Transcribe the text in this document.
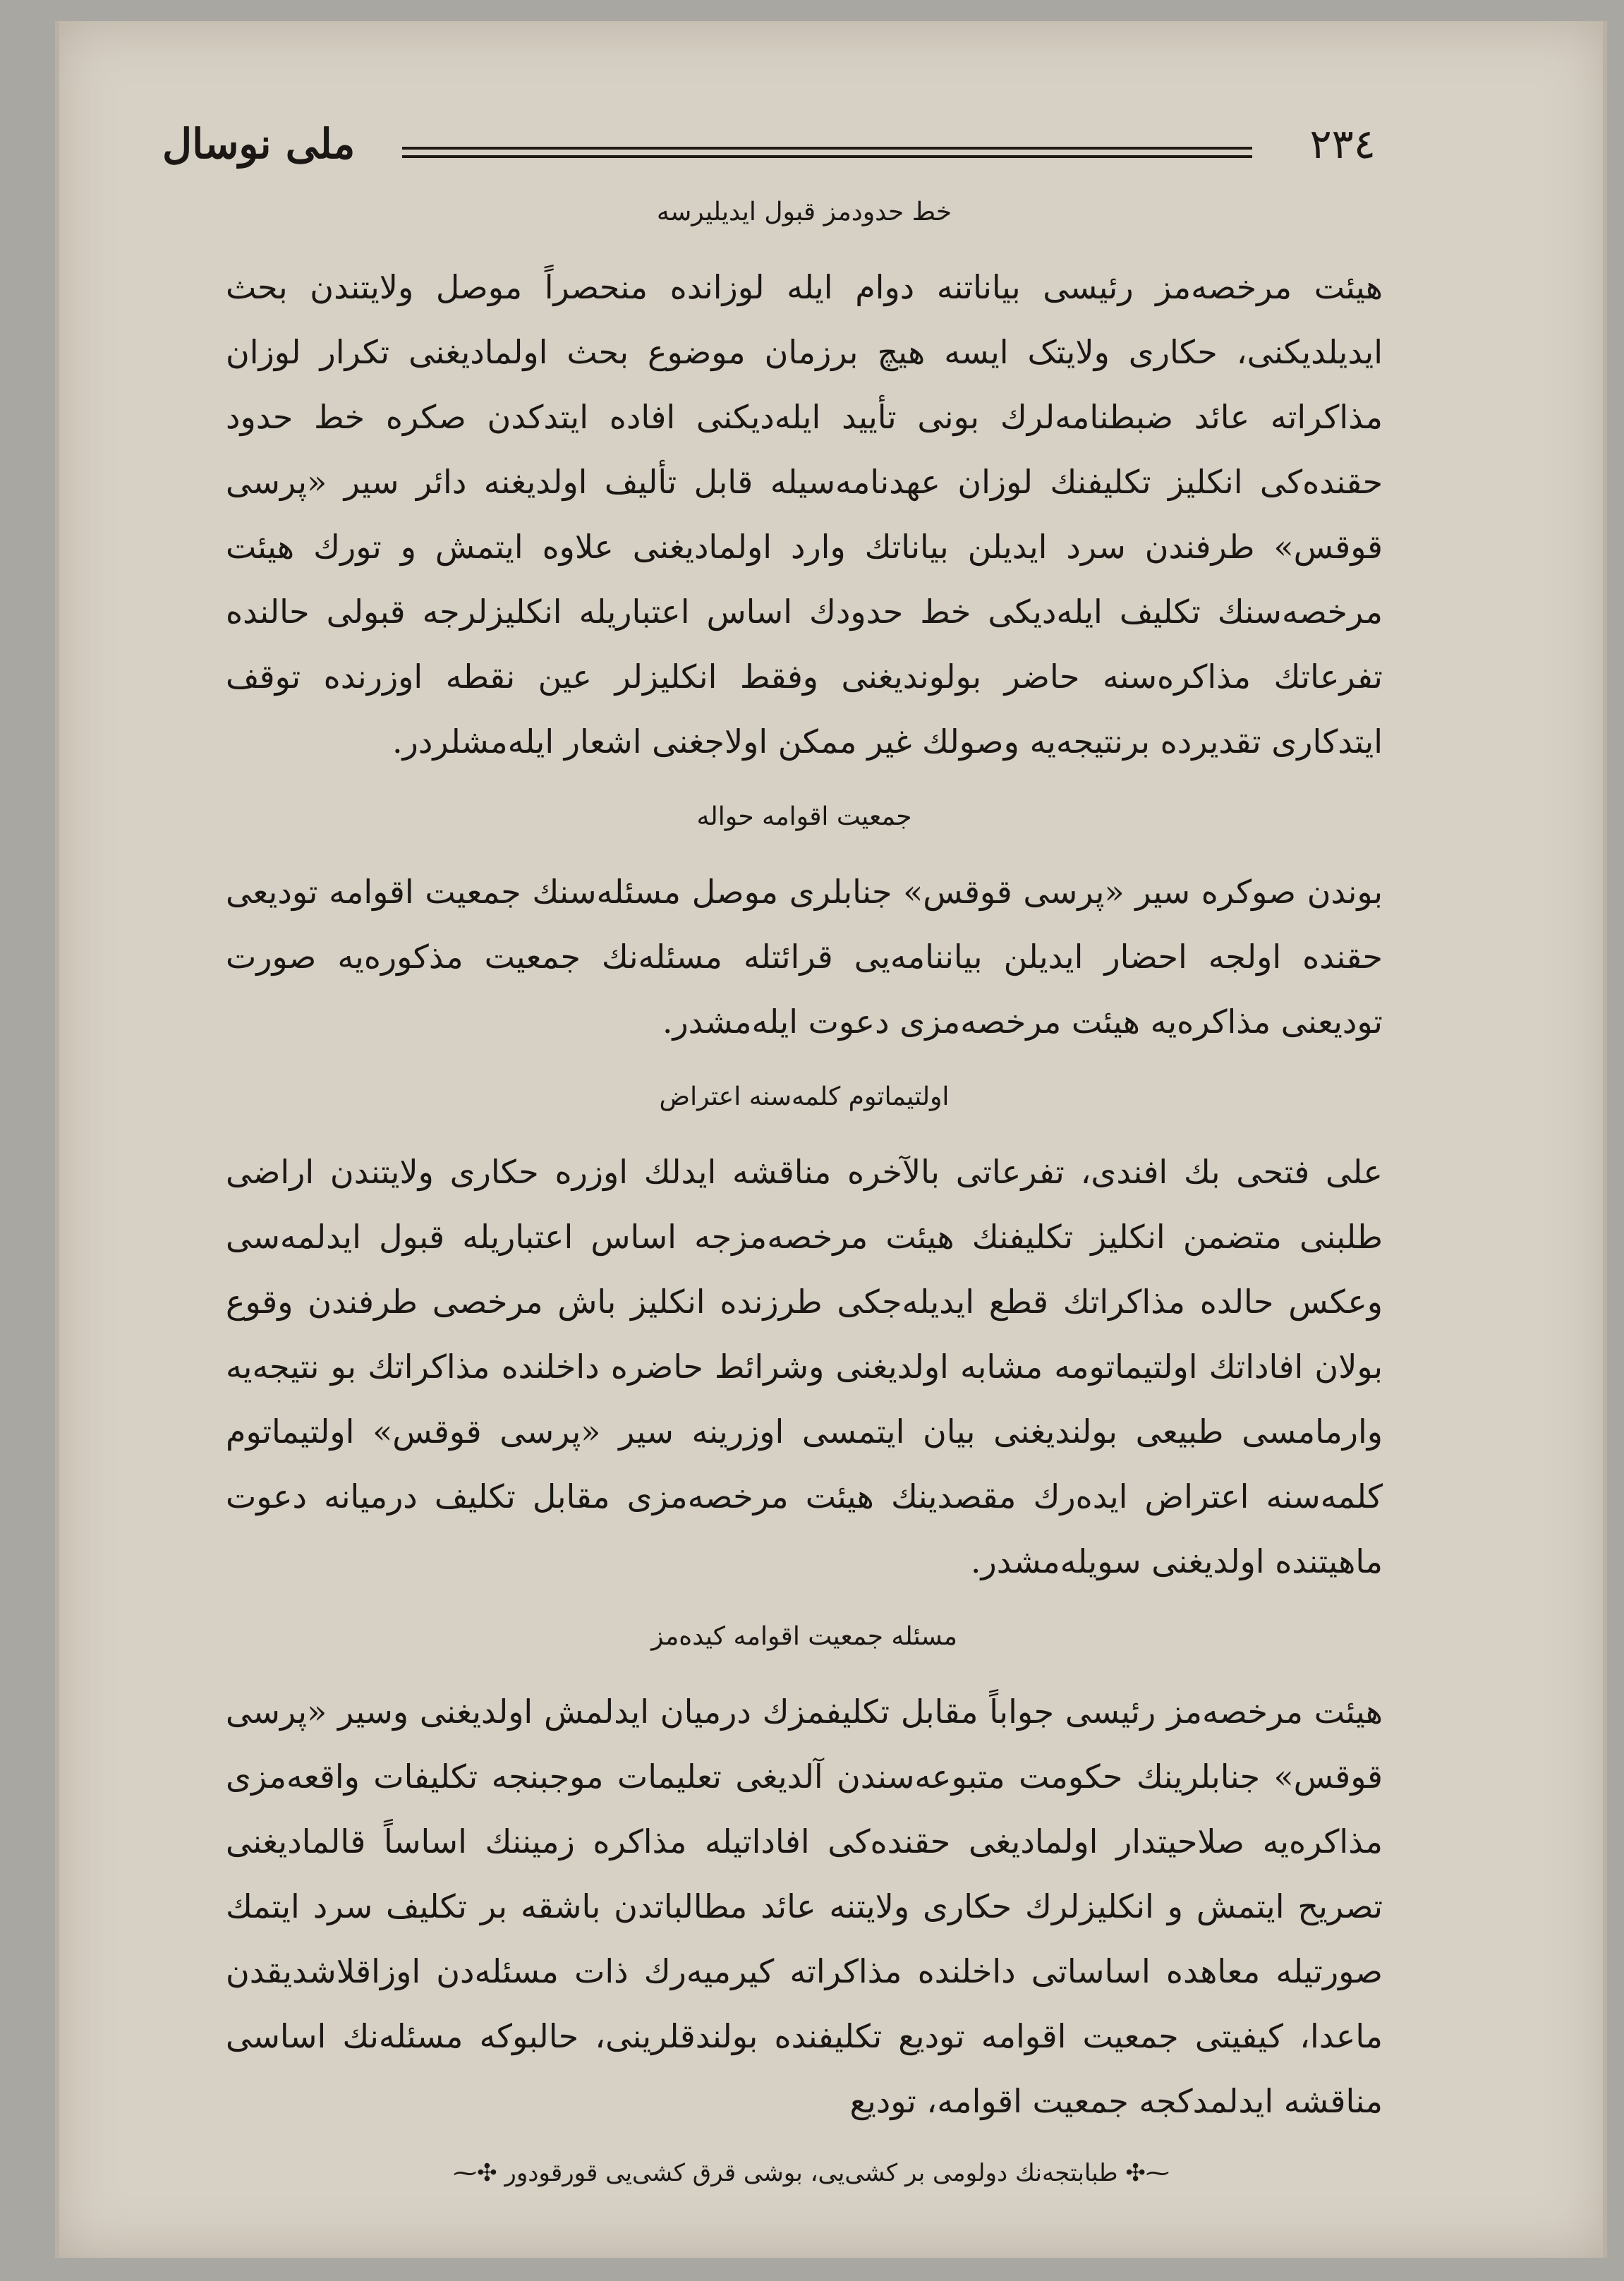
٢٣٤
ملی نوسال
خط حدودمز قبول ایدیلیرسه

هیئت مرخصه‌مز رئیسی بیاناتنه دوام ایله لوزانده منحصراً موصل ولایتندن بحث ایدیلدیکنی، حکاری ولایتک ایسه هیچ برزمان موضوع بحث اولمادیغنی تکرار لوزان مذاکراته عائد ضبطنامه‌لرك بونی تأیید ایله‌دیکنی افاده ایتدکدن صکره خط حدود حقنده‌کی انکلیز تکلیفنك لوزان عهدنامه‌سیله قابل تألیف اولدیغنه دائر سیر «پرسی قوقس» طرفندن سرد ایدیلن بیاناتك وارد اولمادیغنی علاوه ایتمش و تورك هیئت مرخصه‌سنك تکلیف ایله‌دیکی خط حدودك اساس اعتباریله انکلیزلرجه قبولی حالنده تفرعاتك مذاکره‌سنه حاضر بولوندیغنی وفقط انکلیزلر عین نقطه اوزرنده توقف ایتدکاری تقدیرده برنتیجه‌یه وصولك غیر ممکن اولاجغنی اشعار ایله‌مشلردر.

جمعیت اقوامه حواله

بوندن صوکره سیر «پرسی قوقس» جنابلری موصل مسئله‌سنك جمعیت اقوامه تودیعی حقنده اولجه احضار ایدیلن بیاننامه‌یی قرائتله مسئله‌نك جمعیت مذکوره‌یه صورت تودیعنی مذاکره‌یه هیئت مرخصه‌مزی دعوت ایله‌مشدر.

اولتیماتوم کلمه‌سنه اعتراض

علی فتحی بك افندی، تفرعاتی بالآخره مناقشه ایدلك اوزره حکاری ولایتندن اراضی طلبنی متضمن انکلیز تکلیفنك هیئت مرخصه‌مزجه اساس اعتباریله قبول ایدلمه‌سی وعکس حالده مذاکراتك قطع ایدیله‌جکی طرزنده انکلیز باش مرخصی طرفندن وقوع بولان افاداتك اولتیماتومه مشابه اولدیغنی وشرائط حاضره داخلنده مذاکراتك بو نتیجه‌یه وارمامسی طبیعی بولندیغنی بیان ایتمسی اوزرینه سیر «پرسی قوقس» اولتیماتوم کلمه‌سنه اعتراض ایده‌رك مقصدینك هیئت مرخصه‌مزی مقابل تکلیف درمیانه دعوت ماهیتنده اولدیغنی سویله‌مشدر.

مسئله جمعیت اقوامه کیده‌مز

هیئت مرخصه‌مز رئیسی جواباً مقابل تکلیفمزك درمیان ایدلمش اولدیغنی وسیر «پرسی قوقس» جنابلرینك حکومت متبوعه‌سندن آلدیغی تعلیمات موجبنجه تکلیفات واقعه‌مزی مذاکره‌یه صلاحیتدار اولمادیغی حقنده‌کی افاداتیله مذاکره زمیننك اساساً قالمادیغنی تصریح ایتمش و انکلیزلرك حکاری ولایتنه عائد مطالباتدن باشقه بر تکلیف سرد ایتمك صورتیله معاهده اساساتی داخلنده مذاکراته کیرمیه‌رك ذات مسئله‌دن اوزاقلاشدیقدن ماعدا، کیفیتی جمعیت اقوامه تودیع تکلیفنده بولندقلرینی، حالبوکه مسئله‌نك اساسی مناقشه ایدلمدکجه جمعیت اقوامه، تودیع

⁓✣ طبابتجه‌نك دولومی بر کشی‌یی، بوشی قرق کشی‌یی قورقودور ✣⁓
